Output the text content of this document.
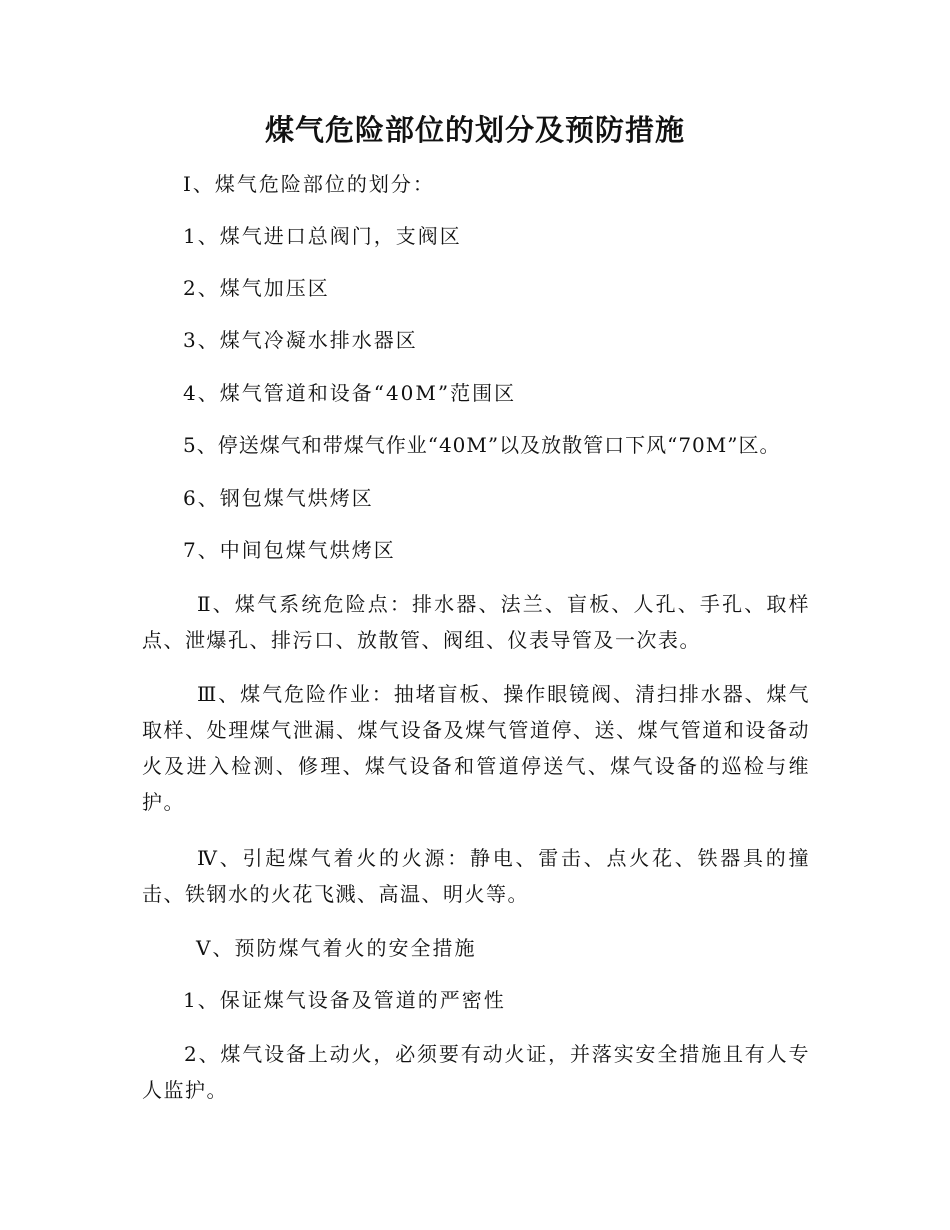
煤气危险部位的划分及预防措施

Ⅰ、煤气危险部位的划分：

1、煤气进口总阀门，支阀区

2、煤气加压区

3、煤气冷凝水排水器区

4、煤气管道和设备“40M”范围区

5、停送煤气和带煤气作业“40M”以及放散管口下风“70M”区。

6、钢包煤气烘烤区

7、中间包煤气烘烤区

Ⅱ、煤气系统危险点：排水器、法兰、盲板、人孔、手孔、取样点、泄爆孔、排污口、放散管、阀组、仪表导管及一次表。

Ⅲ、煤气危险作业：抽堵盲板、操作眼镜阀、清扫排水器、煤气取样、处理煤气泄漏、煤气设备及煤气管道停、送、煤气管道和设备动火及进入检测、修理、煤气设备和管道停送气、煤气设备的巡检与维护。

Ⅳ、引起煤气着火的火源：静电、雷击、点火花、铁器具的撞击、铁钢水的火花飞溅、高温、明火等。

Ⅴ、预防煤气着火的安全措施

1、保证煤气设备及管道的严密性

2、煤气设备上动火，必须要有动火证，并落实安全措施且有人专人监护。
